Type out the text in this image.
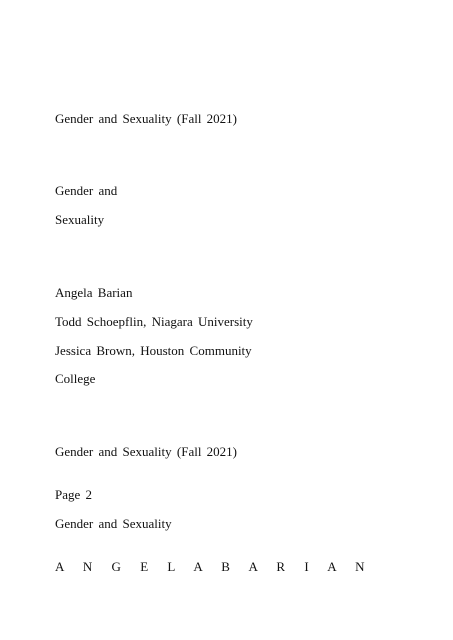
Gender and Sexuality (Fall 2021)
Gender and
Sexuality
Angela Barian
Todd Schoepflin, Niagara University
Jessica Brown, Houston Community
College
Gender and Sexuality (Fall 2021)
Page 2
Gender and Sexuality
A N G E L A B A R I A N
